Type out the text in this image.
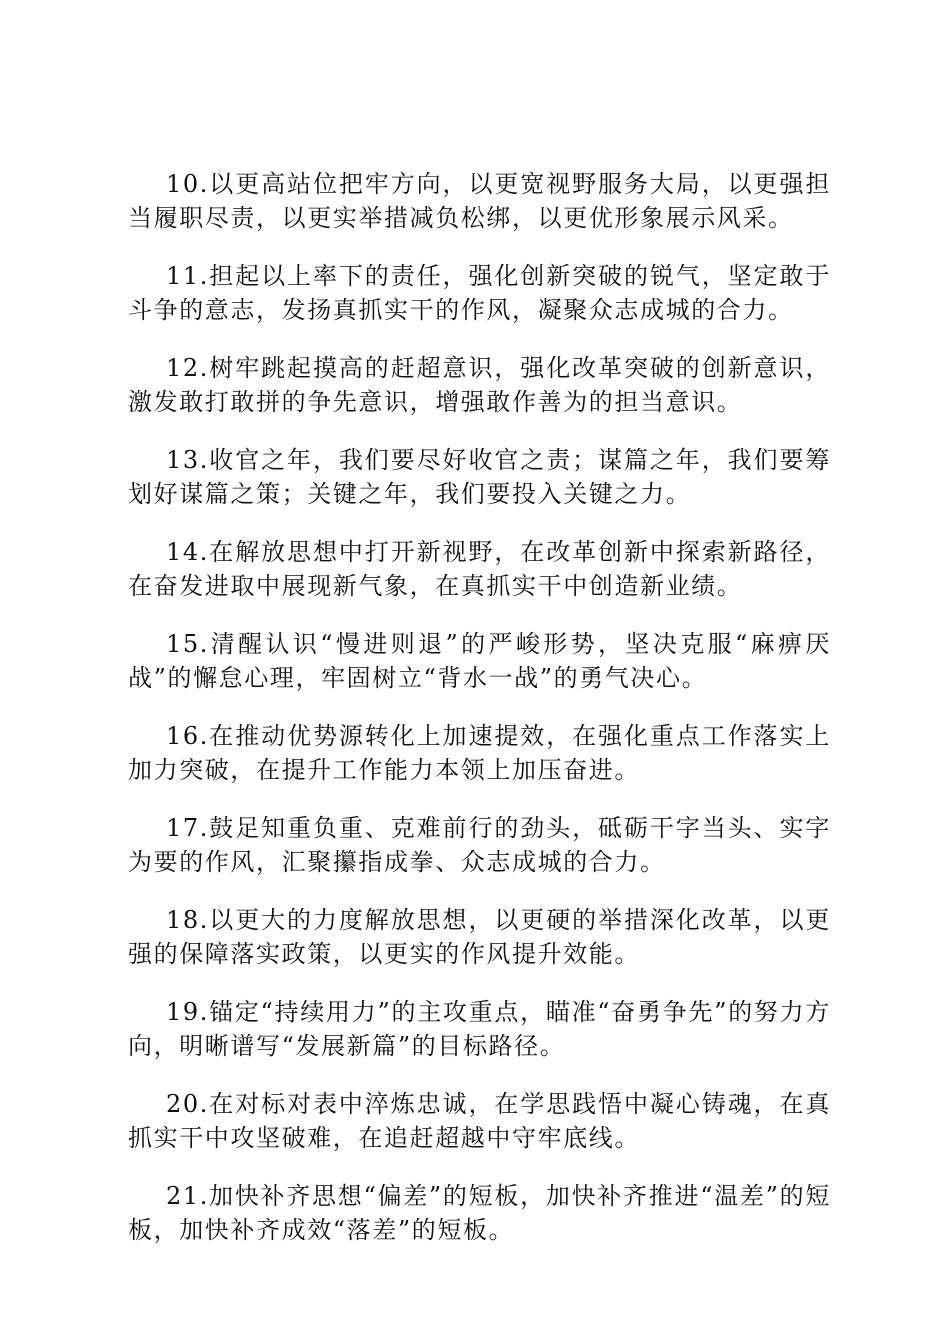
10.以更高站位把牢方向，以更宽视野服务大局，以更强担当履职尽责，以更实举措减负松绑，以更优形象展示风采。

11.担起以上率下的责任，强化创新突破的锐气，坚定敢于斗争的意志，发扬真抓实干的作风，凝聚众志成城的合力。

12.树牢跳起摸高的赶超意识，强化改革突破的创新意识，激发敢打敢拼的争先意识，增强敢作善为的担当意识。

13.收官之年，我们要尽好收官之责；谋篇之年，我们要筹划好谋篇之策；关键之年，我们要投入关键之力。

14.在解放思想中打开新视野，在改革创新中探索新路径，在奋发进取中展现新气象，在真抓实干中创造新业绩。

15.清醒认识“慢进则退”的严峻形势，坚决克服“麻痹厌战”的懈怠心理，牢固树立“背水一战”的勇气决心。

16.在推动优势源转化上加速提效，在强化重点工作落实上加力突破，在提升工作能力本领上加压奋进。

17.鼓足知重负重、克难前行的劲头，砥砺干字当头、实字为要的作风，汇聚攥指成拳、众志成城的合力。

18.以更大的力度解放思想，以更硬的举措深化改革，以更强的保障落实政策，以更实的作风提升效能。

19.锚定“持续用力”的主攻重点，瞄准“奋勇争先”的努力方向，明晰谱写“发展新篇”的目标路径。

20.在对标对表中淬炼忠诚，在学思践悟中凝心铸魂，在真抓实干中攻坚破难，在追赶超越中守牢底线。

21.加快补齐思想“偏差”的短板，加快补齐推进“温差”的短板，加快补齐成效“落差”的短板。
